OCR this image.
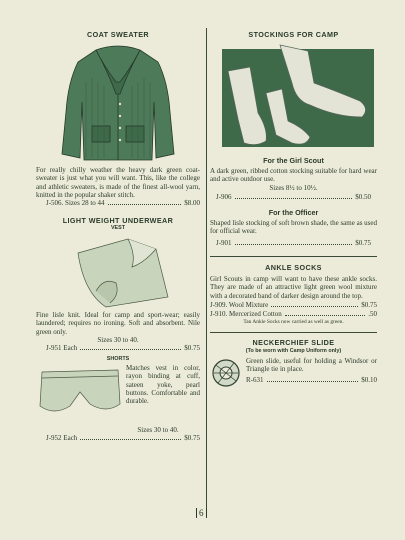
COAT SWEATER

For really chilly weather the heavy dark green coat-sweater is just what you will want. This, like the college and athletic sweaters, is made of the finest all-wool yarn, knitted in the popular shaker stitch.

J-506. Sizes 28 to 44	$8.00
LIGHT WEIGHT UNDERWEAR
VEST

Fine lisle knit. Ideal for camp and sport-wear; easily laundered; requires no ironing. Soft and absorbent. Nile green only.

Sizes 30 to 40.
J-951 Each	$0.75
SHORTS

Matches vest in color, rayon binding at cuff, sateen yoke, pearl buttons. Comfortable and durable.

Sizes 30 to 40.
J-952 Each	$0.75
STOCKINGS FOR CAMP
For the Girl Scout

A dark green, ribbed cotton stocking suitable for hard wear and active outdoor use.

Sizes 8½ to 10½.
J-906	$0.50
For the Officer

Shaped lisle stocking of soft brown shade, the same as used for official wear.

J-901	$0.75
ANKLE SOCKS

Girl Scouts in camp will want to have these ankle socks. They are made of an attractive light green wool mixture with a decorated band of darker design around the top.

J-909. Wool Mixture	$0.75
J-910. Mercerized Cotton	.50
Tan Ankle Socks now carried as well as green.
NECKERCHIEF SLIDE
(To be worn with Camp Uniform only)

Green slide, useful for holding a Windsor or Triangle tie in place.

R-631	$0.10
6
